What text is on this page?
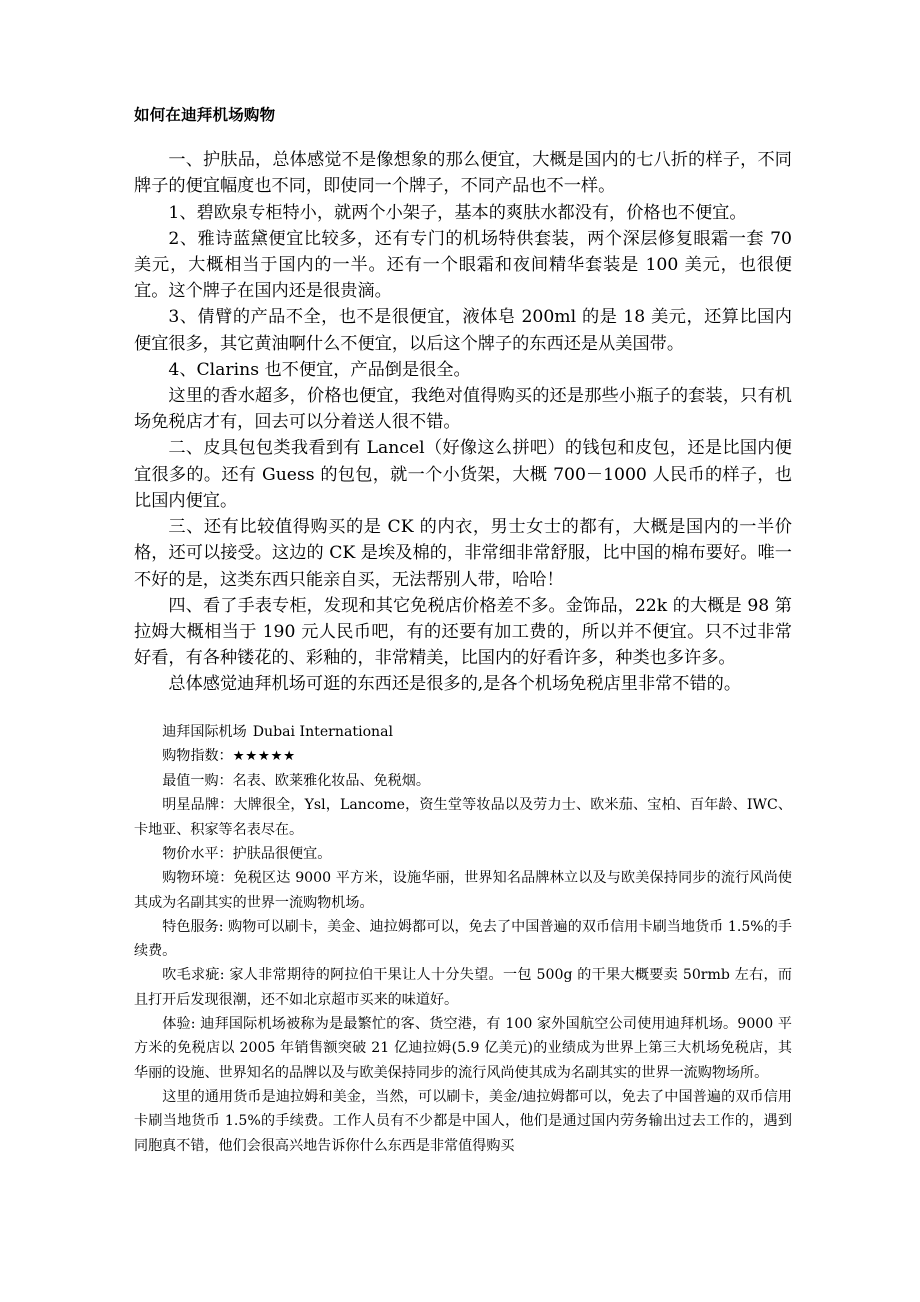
如何在迪拜机场购物

一、护肤品，总体感觉不是像想象的那么便宜，大概是国内的七八折的样子，不同牌子的便宜幅度也不同，即使同一个牌子，不同产品也不一样。

1、碧欧泉专柜特小，就两个小架子，基本的爽肤水都没有，价格也不便宜。

2、雅诗蓝黛便宜比较多，还有专门的机场特供套装，两个深层修复眼霜一套 70 美元，大概相当于国内的一半。还有一个眼霜和夜间精华套装是 100 美元，也很便宜。这个牌子在国内还是很贵滴。

3、倩臂的产品不全，也不是很便宜，液体皂 200ml 的是 18 美元，还算比国内便宜很多，其它黄油啊什么不便宜，以后这个牌子的东西还是从美国带。

4、Clarins 也不便宜，产品倒是很全。

这里的香水超多，价格也便宜，我绝对值得购买的还是那些小瓶子的套装，只有机场免税店才有，回去可以分着送人很不错。

二、皮具包包类我看到有 Lancel（好像这么拼吧）的钱包和皮包，还是比国内便宜很多的。还有 Guess 的包包，就一个小货架，大概 700－1000 人民币的样子，也比国内便宜。

三、还有比较值得购买的是 CK 的内衣，男士女士的都有，大概是国内的一半价格，还可以接受。这边的 CK 是埃及棉的，非常细非常舒服，比中国的棉布要好。唯一不好的是，这类东西只能亲自买，无法帮别人带，哈哈！

四、看了手表专柜，发现和其它免税店价格差不多。金饰品，22k 的大概是 98 第拉姆大概相当于 190 元人民币吧，有的还要有加工费的，所以并不便宜。只不过非常好看，有各种镂花的、彩釉的，非常精美，比国内的好看许多，种类也多许多。

总体感觉迪拜机场可逛的东西还是很多的,是各个机场免税店里非常不错的。

迪拜国际机场 Dubai International

购物指数：★★★★★

最值一购：名表、欧莱雅化妆品、免税烟。

明星品牌：大牌很全，Ysl，Lancome，资生堂等妆品以及劳力士、欧米茄、宝柏、百年龄、IWC、卡地亚、积家等名表尽在。

物价水平：护肤品很便宜。

购物环境：免税区达 9000 平方米，设施华丽，世界知名品牌林立以及与欧美保持同步的流行风尚使其成为名副其实的世界一流购物机场。

特色服务: 购物可以刷卡，美金、迪拉姆都可以，免去了中国普遍的双币信用卡刷当地货币 1.5%的手续费。

吹毛求疵: 家人非常期待的阿拉伯干果让人十分失望。一包 500g 的干果大概要卖 50rmb 左右，而且打开后发现很潮，还不如北京超市买来的味道好。

体验: 迪拜国际机场被称为是最繁忙的客、货空港，有 100 家外国航空公司使用迪拜机场。9000 平方米的免税店以 2005 年销售额突破 21 亿迪拉姆(5.9 亿美元)的业绩成为世界上第三大机场免税店，其华丽的设施、世界知名的品牌以及与欧美保持同步的流行风尚使其成为名副其实的世界一流购物场所。

这里的通用货币是迪拉姆和美金，当然，可以刷卡，美金/迪拉姆都可以，免去了中国普遍的双币信用卡刷当地货币 1.5%的手续费。工作人员有不少都是中国人，他们是通过国内劳务输出过去工作的，遇到同胞真不错，他们会很高兴地告诉你什么东西是非常值得购买
